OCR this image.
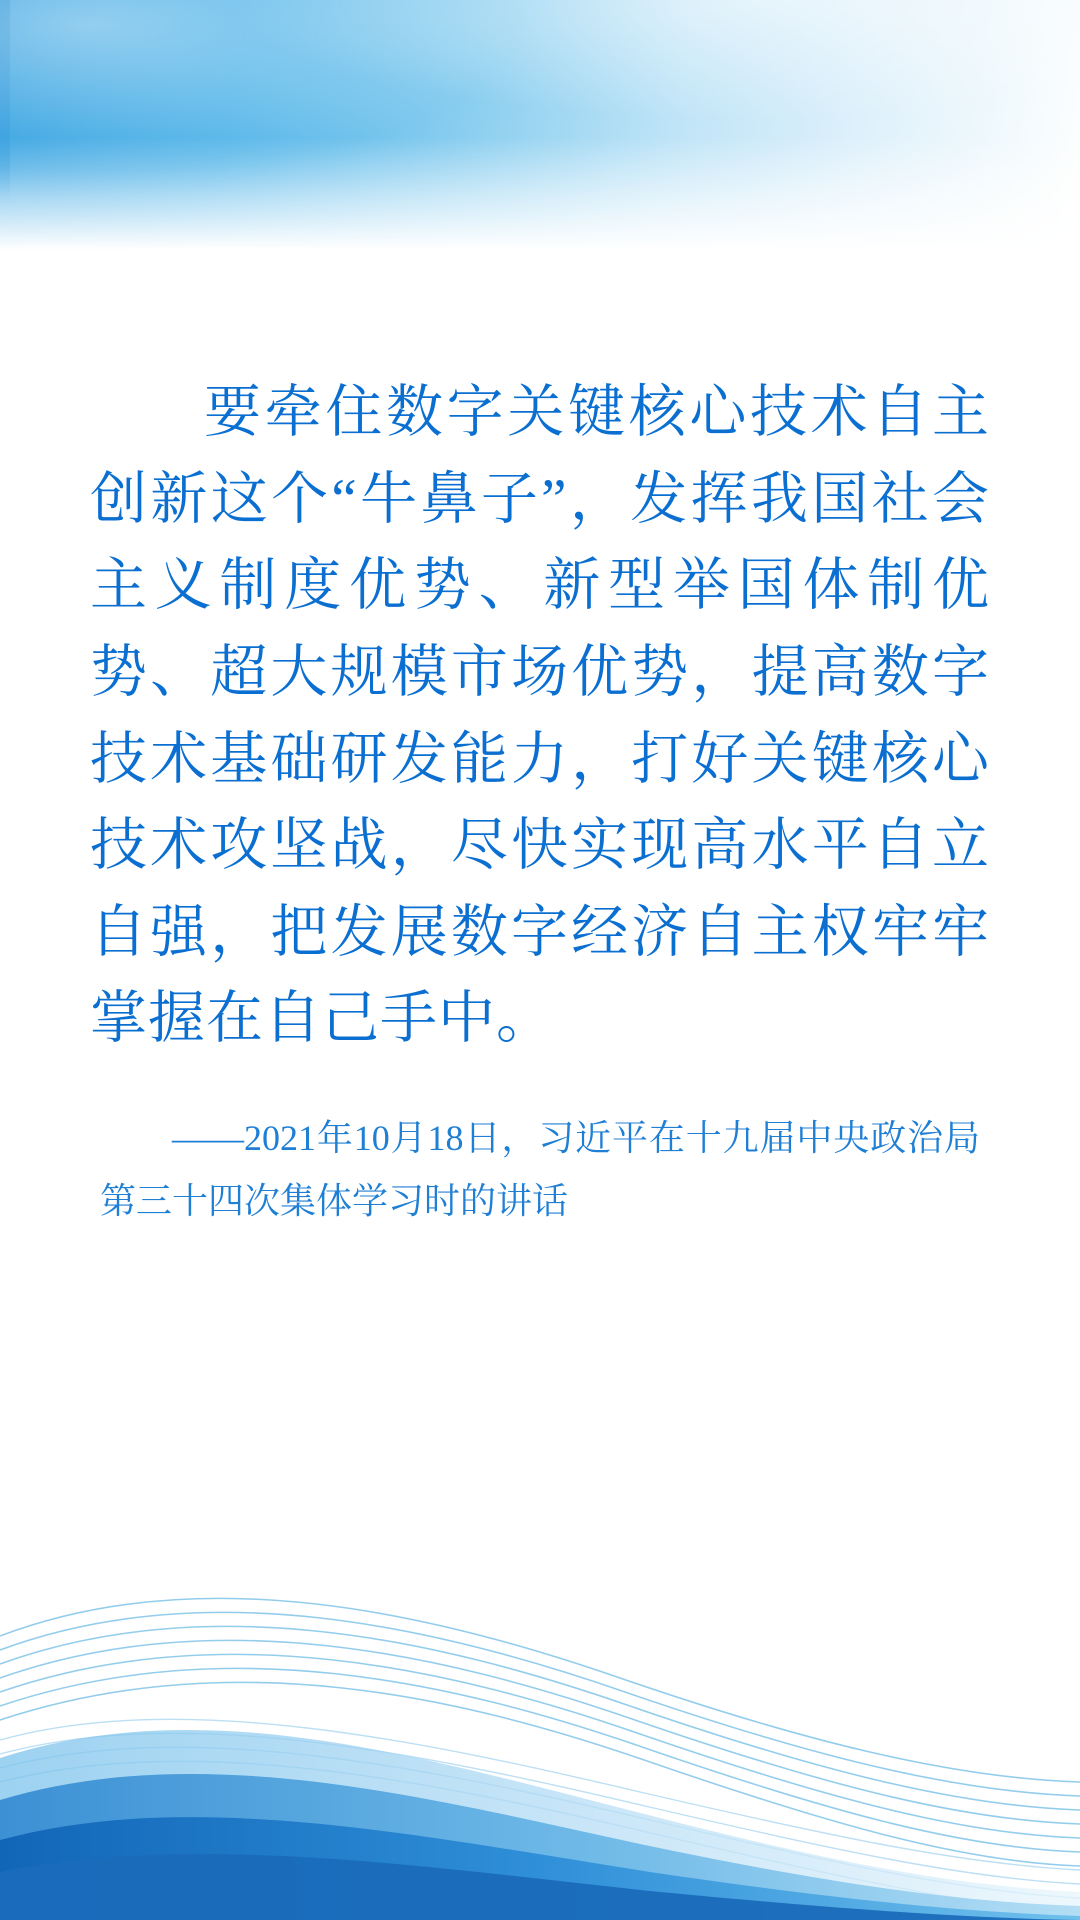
要牵住数字关键核心技术自主创新这个“牛鼻子”，发挥我国社会主义制度优势、新型举国体制优势、超大规模市场优势，提高数字技术基础研发能力，打好关键核心技术攻坚战，尽快实现高水平自立自强，把发展数字经济自主权牢牢掌握在自己手中。
——2021年10月18日，习近平在十九届中央政治局第三十四次集体学习时的讲话
